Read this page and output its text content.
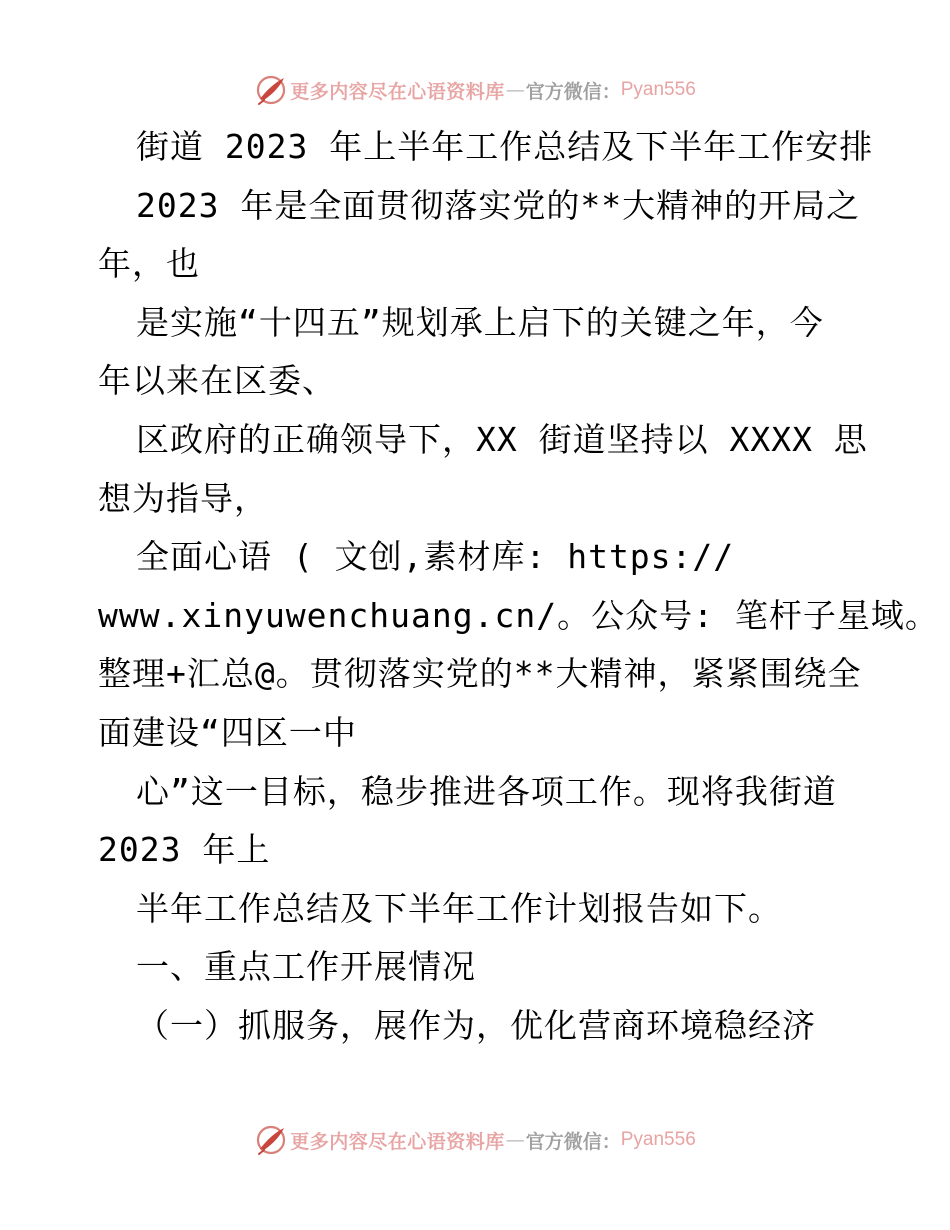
更多内容尽在心语资料库 — 官方微信： Pyan556
街道 2023 年上半年工作总结及下半年工作安排
2023 年是全面贯彻落实党的**大精神的开局之
年，也
是实施“十四五”规划承上启下的关键之年，今
年以来在区委、
区政府的正确领导下，XX 街道坚持以 XXXX 思
想为指导，
全面心语 ( 文创,素材库: https://
www.xinyuwenchuang.cn/。公众号: 笔杆子星域。
整理+汇总@。贯彻落实党的**大精神，紧紧围绕全
面建设“四区一中
心”这一目标，稳步推进各项工作。现将我街道
2023 年上
半年工作总结及下半年工作计划报告如下。
一、重点工作开展情况
（一）抓服务，展作为，优化营商环境稳经济
更多内容尽在心语资料库 — 官方微信： Pyan556
